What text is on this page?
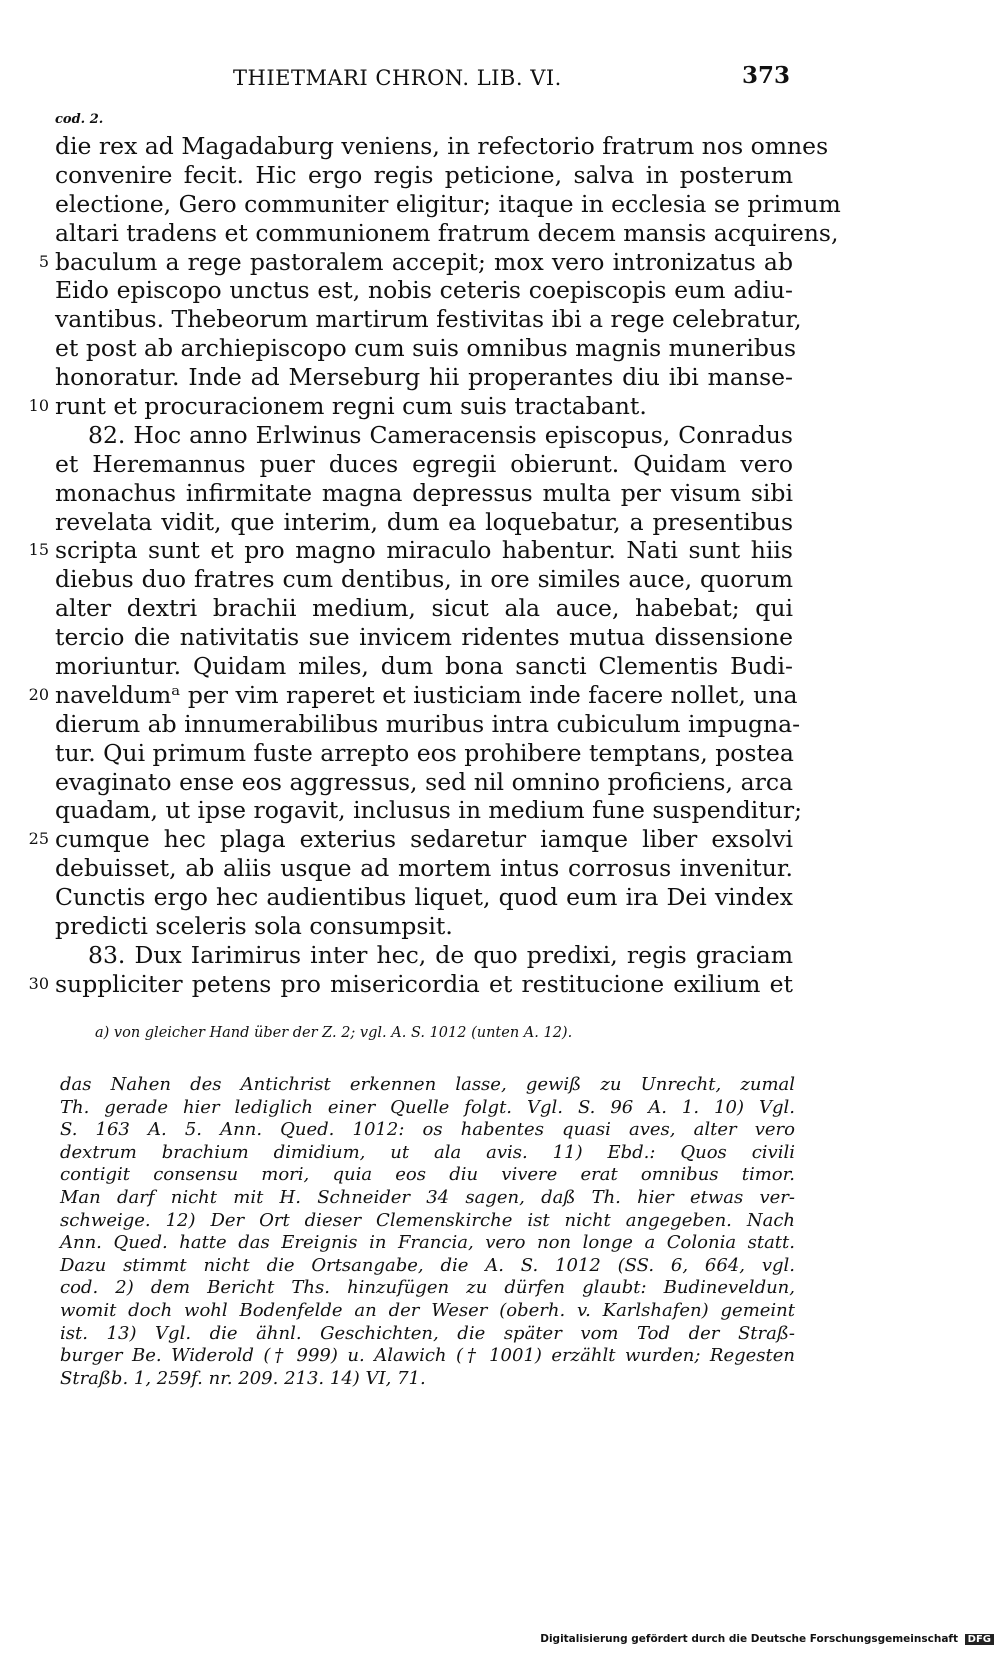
THIETMARI CHRON. LIB. VI.	373
cod. 2.
die rex ad Magadaburg veniens, in refectorio fratrum nos omnes
convenire fecit. Hic ergo regis peticione, salva in posterum
electione, Gero communiter eligitur; itaque in ecclesia se primum
altari tradens et communionem fratrum decem mansis acquirens,
5 baculum a rege pastoralem accepit; mox vero intronizatus ab
Eido episcopo unctus est, nobis ceteris coepiscopis eum adiu-
vantibus. Thebeorum martirum festivitas ibi a rege celebratur,
et post ab archiepiscopo cum suis omnibus magnis muneribus
honoratur. Inde ad Merseburg hii properantes diu ibi manse-
10 runt et procuracionem regni cum suis tractabant.
82. Hoc anno Erlwinus Cameracensis episcopus, Conradus
et Heremannus puer duces egregii obierunt. Quidam vero
monachus infirmitate magna depressus multa per visum sibi
revelata vidit, que interim, dum ea loquebatur, a presentibus
15 scripta sunt et pro magno miraculo habentur. Nati sunt hiis
diebus duo fratres cum dentibus, in ore similes auce, quorum
alter dextri brachii medium, sicut ala auce, habebat; qui
tercio die nativitatis sue invicem ridentes mutua dissensione
moriuntur. Quidam miles, dum bona sancti Clementis Budi-
20 naveldumᵃ per vim raperet et iusticiam inde facere nollet, una
dierum ab innumerabilibus muribus intra cubiculum impugna-
tur. Qui primum fuste arrepto eos prohibere temptans, postea
evaginato ense eos aggressus, sed nil omnino proficiens, arca
quadam, ut ipse rogavit, inclusus in medium fune suspenditur;
25 cumque hec plaga exterius sedaretur iamque liber exsolvi
debuisset, ab aliis usque ad mortem intus corrosus invenitur.
Cunctis ergo hec audientibus liquet, quod eum ira Dei vindex
predicti sceleris sola consumpsit.
83. Dux Iarimirus inter hec, de quo predixi, regis graciam
30 suppliciter petens pro misericordia et restitucione exilium et
a) von gleicher Hand über der Z. 2; vgl. A. S. 1012 (unten A. 12).
das Nahen des Antichrist erkennen lasse, gewiß zu Unrecht, zumal
Th. gerade hier lediglich einer Quelle folgt. Vgl. S. 96 A. 1. 10) Vgl.
S. 163 A. 5. Ann. Qued. 1012: os habentes quasi aves, alter vero
dextrum brachium dimidium, ut ala avis. 11) Ebd.: Quos civili
contigit consensu mori, quia eos diu vivere erat omnibus timor.
Man darf nicht mit H. Schneider 34 sagen, daß Th. hier etwas ver-
schweige. 12) Der Ort dieser Clemenskirche ist nicht angegeben. Nach
Ann. Qued. hatte das Ereignis in Francia, vero non longe a Colonia statt.
Dazu stimmt nicht die Ortsangabe, die A. S. 1012 (SS. 6, 664, vgl.
cod. 2) dem Bericht Ths. hinzufügen zu dürfen glaubt: Budineveldun,
womit doch wohl Bodenfelde an der Weser (oberh. v. Karlshafen) gemeint
ist. 13) Vgl. die ähnl. Geschichten, die später vom Tod der Straß-
burger Be. Widerold († 999) u. Alawich († 1001) erzählt wurden; Regesten
Straßb. 1, 259f. nr. 209. 213. 14) VI, 71.
Digitalisierung gefördert durch die Deutsche Forschungsgemeinschaft DFG
